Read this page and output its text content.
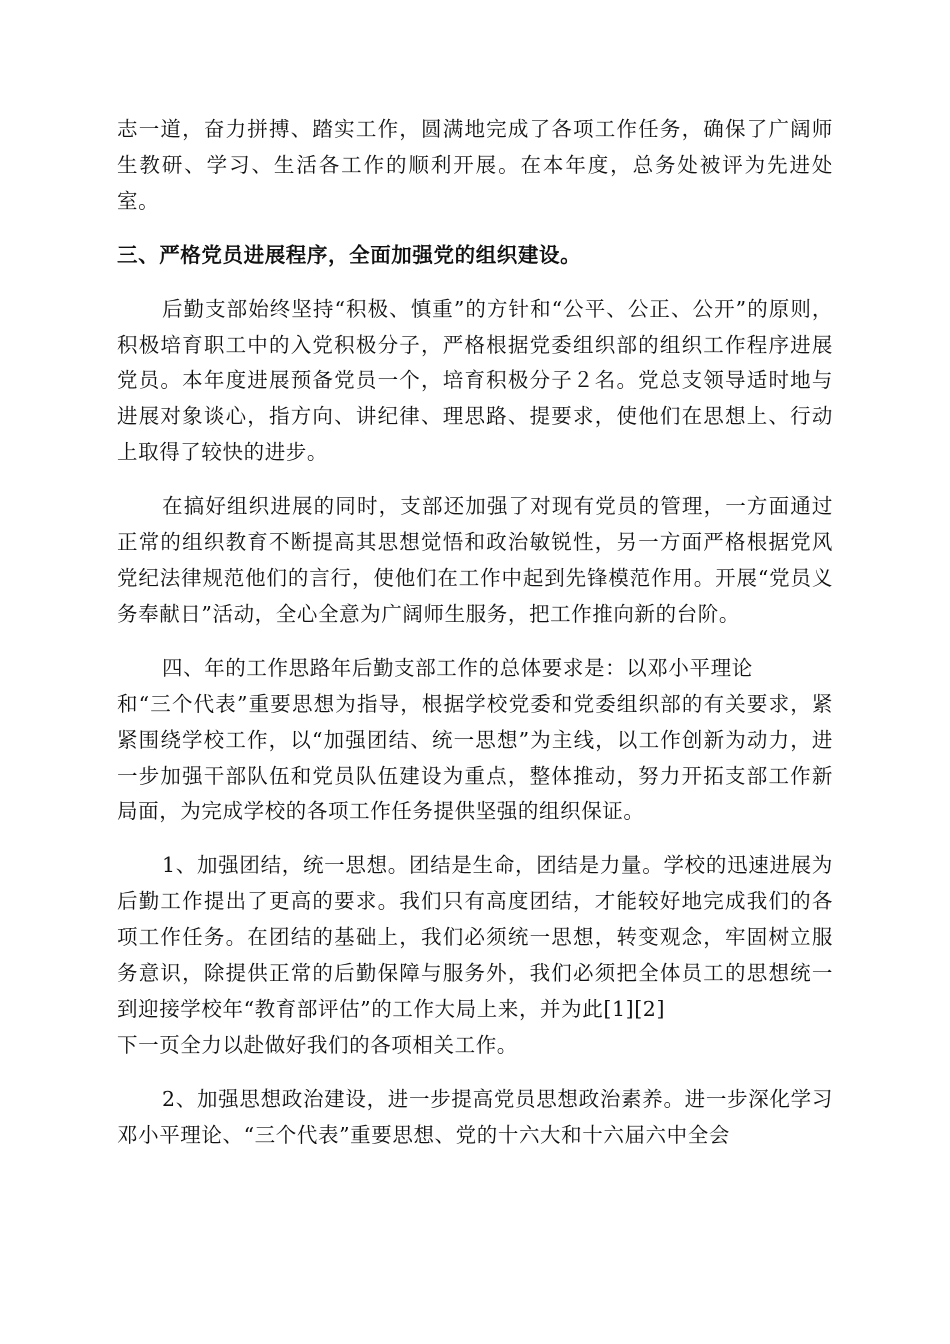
志一道，奋力拼搏、踏实工作，圆满地完成了各项工作任务，确保了广阔师生教研、学习、生活各工作的顺利开展。在本年度，总务处被评为先进处室。

三、严格党员进展程序，全面加强党的组织建设。

后勤支部始终坚持“积极、慎重”的方针和“公平、公正、公开”的原则，积极培育职工中的入党积极分子，严格根据党委组织部的组织工作程序进展党员。本年度进展预备党员一个，培育积极分子２名。党总支领导适时地与进展对象谈心，指方向、讲纪律、理思路、提要求，使他们在思想上、行动上取得了较快的进步。

在搞好组织进展的同时，支部还加强了对现有党员的管理，一方面通过正常的组织教育不断提高其思想觉悟和政治敏锐性，另一方面严格根据党风党纪法律规范他们的言行，使他们在工作中起到先锋模范作用。开展“党员义务奉献日”活动，全心全意为广阔师生服务，把工作推向新的台阶。

四、年的工作思路年后勤支部工作的总体要求是：以邓小平理论
和“三个代表”重要思想为指导，根据学校党委和党委组织部的有关要求，紧紧围绕学校工作，以“加强团结、统一思想”为主线，以工作创新为动力，进一步加强干部队伍和党员队伍建设为重点，整体推动，努力开拓支部工作新局面，为完成学校的各项工作任务提供坚强的组织保证。
1、加强团结，统一思想。团结是生命，团结是力量。学校的迅速进展为后勤工作提出了更高的要求。我们只有高度团结，才能较好地完成我们的各项工作任务。在团结的基础上，我们必须统一思想，转变观念，牢固树立服务意识，除提供正常的后勤保障与服务外，我们必须把全体员工的思想统一到迎接学校年“教育部评估”的工作大局上来，并为此[1][2]
下一页全力以赴做好我们的各项相关工作。

2、加强思想政治建设，进一步提高党员思想政治素养。进一步深化学习邓小平理论、“三个代表”重要思想、党的十六大和十六届六中全会
